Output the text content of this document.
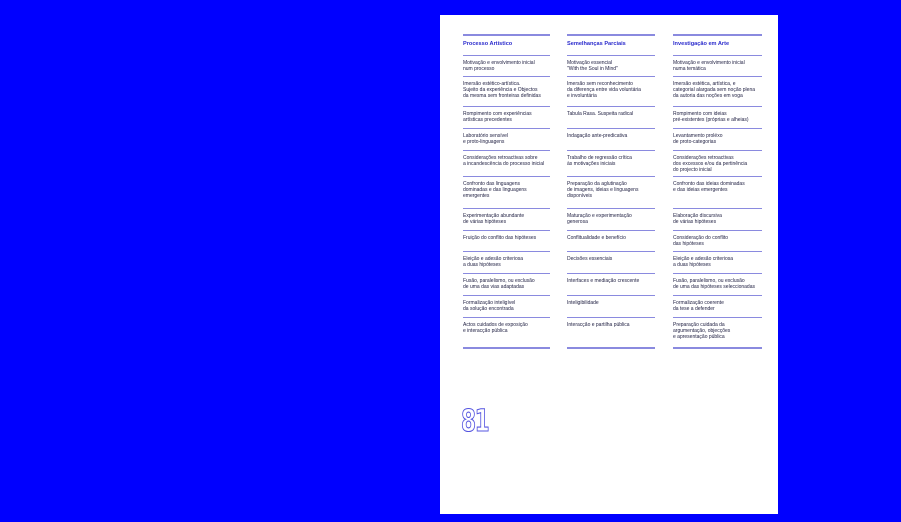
Processo Artístico
Motivação e envolvimento inicial
num processo
Imersão estético-artística.
Sujeito da experiência e Objectos
da mesma sem fronteiras definidas
Rompimento com experiências
artísticas precedentes
Laboratório sensível
e proto-linguagens
Considerações retroactivas sobre
a incandescência do processo inicial
Confronto das linguagens
dominadas e das linguagens
emergentes
Experimentação abundante
de várias hipóteses
Fruição do conflito das hipóteses
Eleição e adesão criteriosa
a duas hipóteses
Fusão, paralelismo, ou exclusão
de uma das vias adaptadas
Formalização inteligível
da solução encontrada
Actos cuidados de exposição
e interacção pública
Semelhanças Parciais
Motivação essencial
"With the Soul in Mind"
Imersão sem reconhecimento
da diferença entre vida voluntária
e involuntária
Tabula Rasa. Suspeita radical
Indagação ante-predicativa
Trabalho de regressão crítica
às motivações iniciais
Preparação da aglutinação
de imagens, ideias e linguagens
disponíveis
Maturação e experimentação
generosa
Conflitualidade e benefício
Decisões essenciais
Interfaces e mediação crescente
Inteligibilidade
Interacção e partilha pública
Investigação em Arte
Motivação e envolvimento inicial
numa temática
Imersão estética, artística, e
categorial alargada sem noção plena
da autoria das noções em voga
Rompimento com ideias
pré-existentes (próprias e alheias)
Levantamento proléxo
de proto-categorias
Considerações retroactivas
dos excessos e/ou da pertinência
do projecto inicial
Confronto das ideias dominadas
e das ideias emergentes
Elaboração discursiva
de várias hipóteses
Consideração do conflito
das hipóteses
Eleição e adesão criteriosa
a duas hipóteses
Fusão, paralelismo, ou exclusão
de uma das hipóteses seleccionadas
Formalização coerente
da tese a defender
Preparação cuidada da
argumentação, objecções
e apresentação pública
81
